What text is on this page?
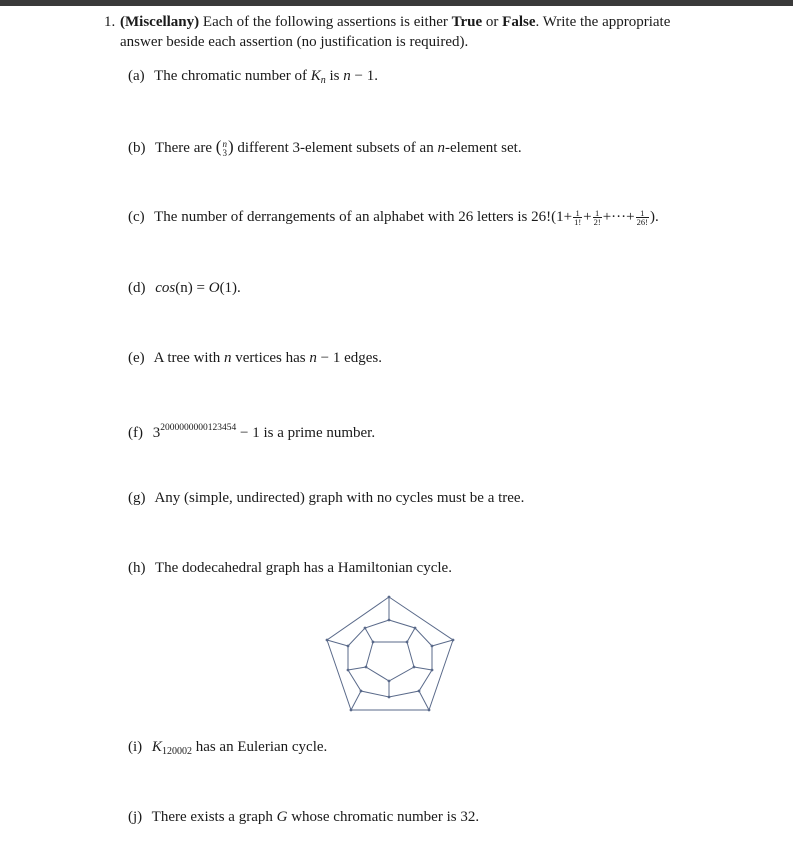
1. (Miscellany) Each of the following assertions is either True or False. Write the appropriate
answer beside each assertion (no justification is required).
(a) The chromatic number of $K_n$ is n − 1.
(b) There are ( n
3 ) different 3-element subsets of an n-element set.
(c) The number of derrangements of an alphabet with 26 letters is $26!(1+ \frac{1}{1!} + \frac{1}{2!}$ +···+ $\frac{1}{26!}$ ).
(d) cos(n) = O(1).
(e) A tree with n vertices has n − 1 edges.
(f) $3^{2000000000123454} - 1$ is a prime number.
(g) Any (simple, undirected) graph with no cycles must be a tree.
(h) The dodecahedral graph has a Hamiltonian cycle.
(i) $K_{120002}$ has an Eulerian cycle.
(j) There exists a graph G whose chromatic number is 32.
